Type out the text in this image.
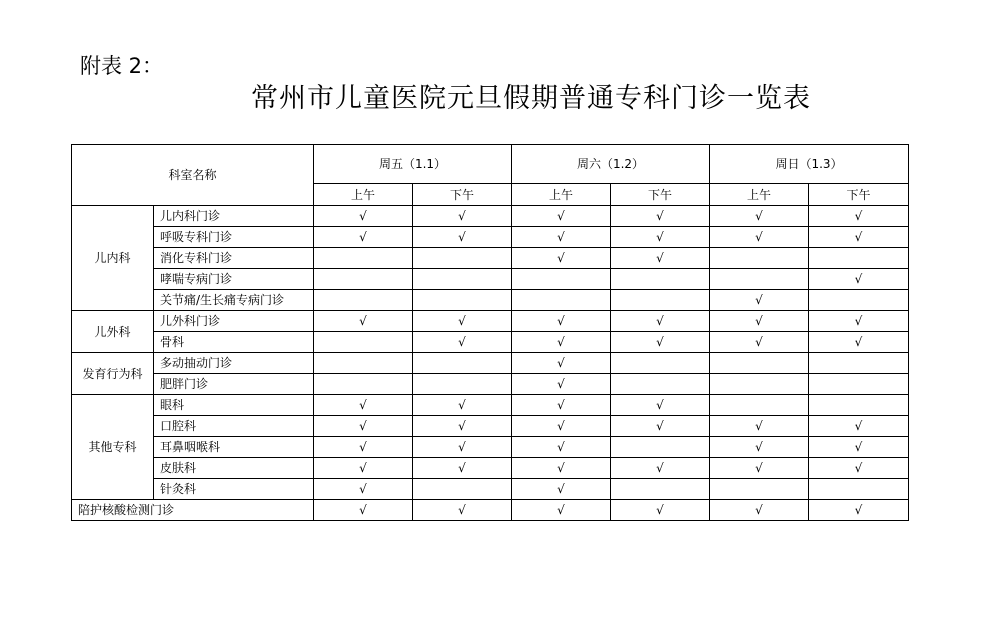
附表 2：
常州市儿童医院元旦假期普通专科门诊一览表
科室名称		周五（1.1）		周六（1.2）		周日（1.3）	
		上午	下午	上午	下午	上午	下午
儿内科	儿内科门诊	√	√	√	√	√	√
	呼吸专科门诊	√	√	√	√	√	√
	消化专科门诊			√	√		
	哮喘专病门诊						√
	关节痛/生长痛专病门诊					√	
儿外科	儿外科门诊	√	√	√	√	√	√
	骨科		√	√	√	√	√
发育行为科	多动抽动门诊			√			
	肥胖门诊			√			
其他专科	眼科	√	√	√	√		
	口腔科	√	√	√	√	√	√
	耳鼻咽喉科	√	√	√		√	√
	皮肤科	√	√	√	√	√	√
	针灸科	√		√			
陪护核酸检测门诊		√	√	√	√	√	√
